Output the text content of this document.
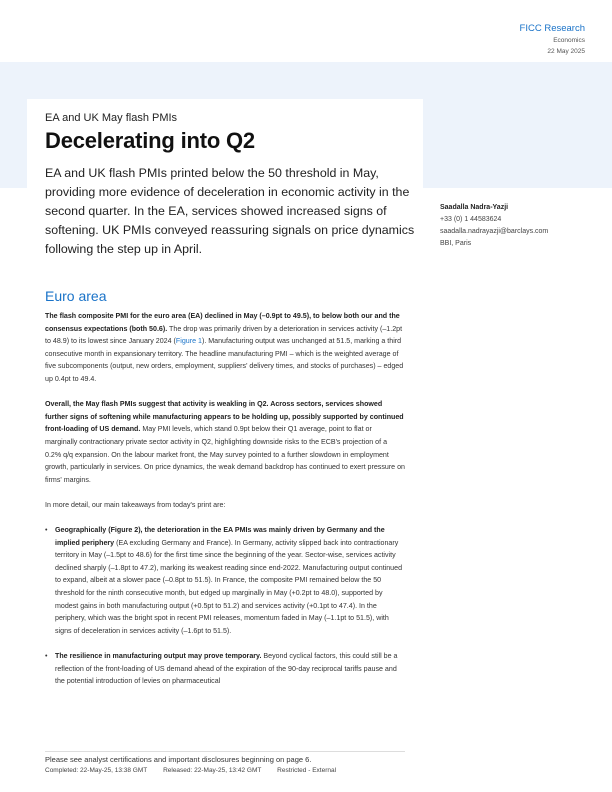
FICC Research
Economics
22 May 2025
EA and UK May flash PMIs
Decelerating into Q2

EA and UK flash PMIs printed below the 50 threshold in May, providing more evidence of deceleration in economic activity in the second quarter. In the EA, services showed increased signs of softening. UK PMIs conveyed reassuring signals on price dynamics following the step up in April.

Saadalla Nadra-Yazji
+33 (0) 1 44583624
saadalla.nadrayazji@barclays.com
BBI, Paris
Euro area

The flash composite PMI for the euro area (EA) declined in May (–0.9pt to 49.5), to below both our and the consensus expectations (both 50.6). The drop was primarily driven by a deterioration in services activity (–1.2pt to 48.9) to its lowest since January 2024 (Figure 1). Manufacturing output was unchanged at 51.5, marking a third consecutive month in expansionary territory. The headline manufacturing PMI – which is the weighted average of five subcomponents (output, new orders, employment, suppliers' delivery times, and stocks of purchases) – edged up 0.4pt to 49.4.

Overall, the May flash PMIs suggest that activity is weakling in Q2. Across sectors, services showed further signs of softening while manufacturing appears to be holding up, possibly supported by continued front-loading of US demand. May PMI levels, which stand 0.9pt below their Q1 average, point to flat or marginally contractionary private sector activity in Q2, highlighting downside risks to the ECB's projection of a 0.2% q/q expansion. On the labour market front, the May survey pointed to a further slowdown in employment growth, particularly in services. On price dynamics, the weak demand backdrop has continued to exert pressure on firms' margins.

In more detail, our main takeaways from today's print are:

• Geographically (Figure 2), the deterioration in the EA PMIs was mainly driven by Germany and the implied periphery (EA excluding Germany and France). In Germany, activity slipped back into contractionary territory in May (–1.5pt to 48.6) for the first time since the beginning of the year. Sector-wise, services activity declined sharply (–1.8pt to 47.2), marking its weakest reading since end-2022. Manufacturing output continued to expand, albeit at a slower pace (–0.8pt to 51.5). In France, the composite PMI remained below the 50 threshold for the ninth consecutive month, but edged up marginally in May (+0.2pt to 48.0), supported by modest gains in both manufacturing output (+0.5pt to 51.2) and services activity (+0.1pt to 47.4). In the periphery, which was the bright spot in recent PMI releases, momentum faded in May (–1.1pt to 51.5), with signs of deceleration in services activity (–1.6pt to 51.5).
• The resilience in manufacturing output may prove temporary. Beyond cyclical factors, this could still be a reflection of the front-loading of US demand ahead of the expiration of the 90-day reciprocal tariffs pause and the potential introduction of levies on pharmaceutical
Please see analyst certifications and important disclosures beginning on page 6.
Completed: 22-May-25, 13:38 GMT Released: 22-May-25, 13:42 GMT Restricted - External
